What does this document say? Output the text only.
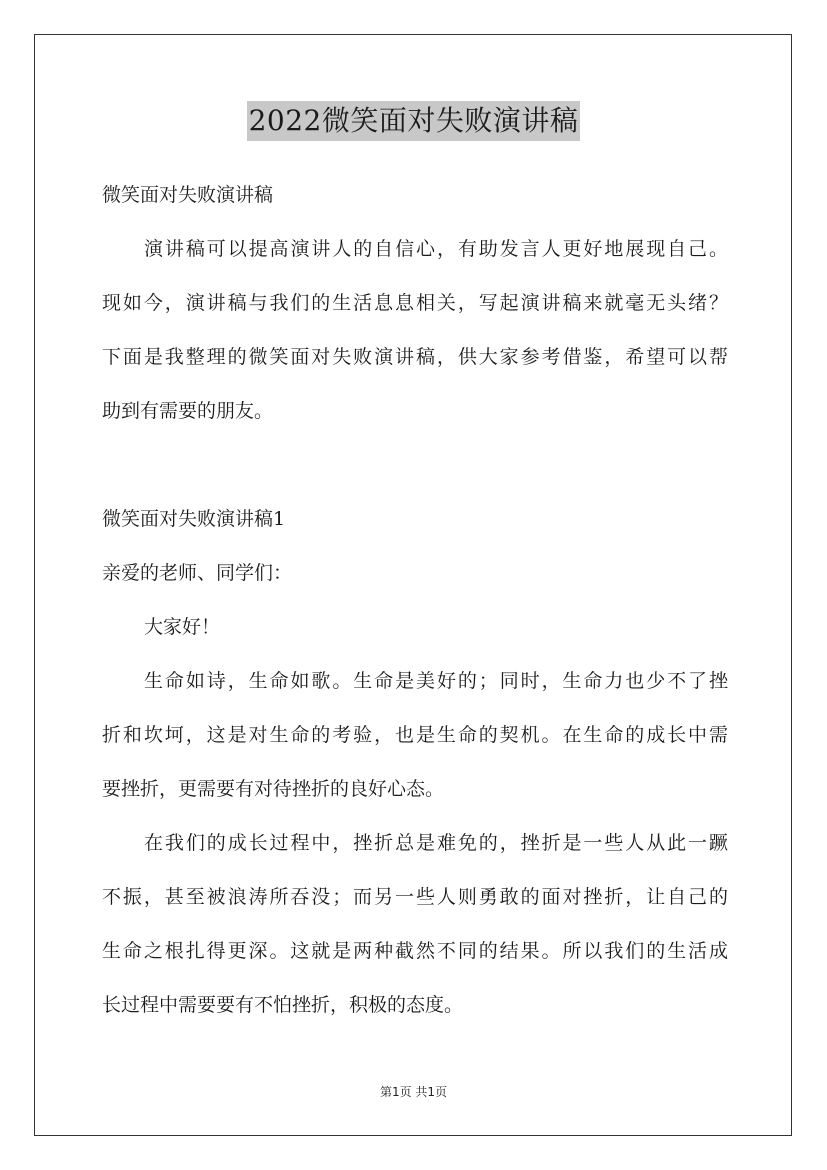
2022微笑面对失败演讲稿
微笑面对失败演讲稿
演讲稿可以提高演讲人的自信心，有助发言人更好地展现自己。
现如今，演讲稿与我们的生活息息相关，写起演讲稿来就毫无头绪？
下面是我整理的微笑面对失败演讲稿，供大家参考借鉴，希望可以帮
助到有需要的朋友。
微笑面对失败演讲稿1
亲爱的老师、同学们：
大家好！
生命如诗，生命如歌。生命是美好的；同时，生命力也少不了挫
折和坎坷，这是对生命的考验，也是生命的契机。在生命的成长中需
要挫折，更需要有对待挫折的良好心态。
在我们的成长过程中，挫折总是难免的，挫折是一些人从此一蹶
不振，甚至被浪涛所吞没；而另一些人则勇敢的面对挫折，让自己的
生命之根扎得更深。这就是两种截然不同的结果。所以我们的生活成
长过程中需要要有不怕挫折，积极的态度。
第1页 共1页
